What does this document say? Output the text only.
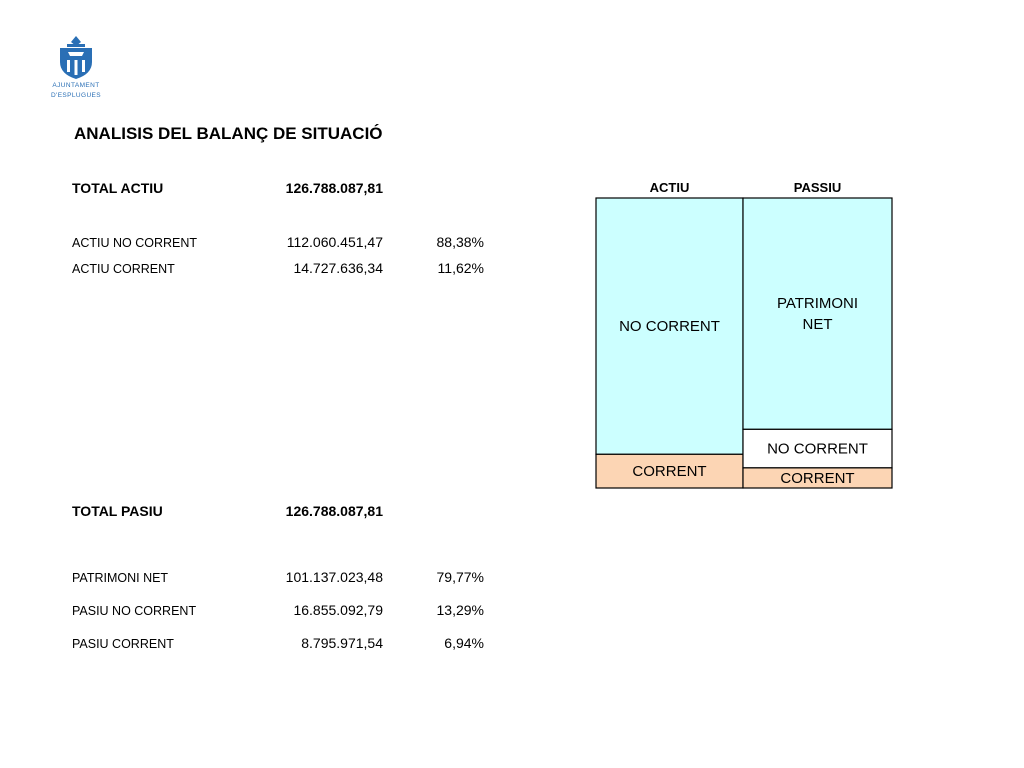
AJUNTAMENT
D'ESPLUGUES
ANALISIS DEL BALANÇ DE SITUACIÓ
TOTAL ACTIU	126.788.087,81
ACTIU NO CORRENT	112.060.451,47	88,38%
ACTIU CORRENT	14.727.636,34	11,62%
TOTAL PASIU	126.788.087,81
PATRIMONI NET	101.137.023,48	79,77%
PASIU NO CORRENT	16.855.092,79	13,29%
PASIU CORRENT	8.795.971,54	6,94%
ACTIU
NO CORRENT
CORRENT
PASSIU
PATRIMONI NET
NO CORRENT
CORRENT
